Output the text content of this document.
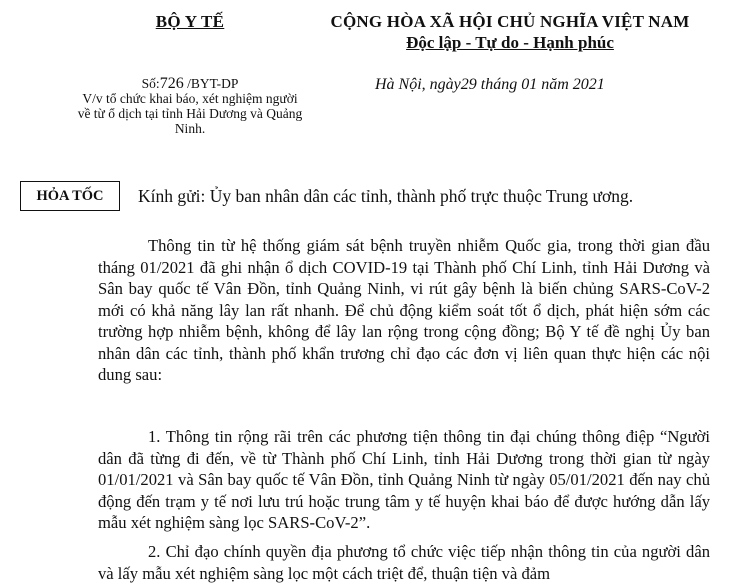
BỘ Y TẾ	CỘNG HÒA XÃ HỘI CHỦ NGHĨA VIỆT NAM
Độc lập - Tự do - Hạnh phúc
Số:726 /BYT-DP
V/v tổ chức khai báo, xét nghiệm người về từ ổ dịch tại tỉnh Hải Dương và Quảng Ninh.
Hà Nội, ngày29 tháng 01 năm 2021
HỎA TỐC	Kính gửi: Ủy ban nhân dân các tỉnh, thành phố trực thuộc Trung ương.
Thông tin từ hệ thống giám sát bệnh truyền nhiễm Quốc gia, trong thời gian đầu tháng 01/2021 đã ghi nhận ổ dịch COVID-19 tại Thành phố Chí Linh, tỉnh Hải Dương và Sân bay quốc tế Vân Đồn, tỉnh Quảng Ninh, vi rút gây bệnh là biến chủng SARS-CoV-2 mới có khả năng lây lan rất nhanh. Để chủ động kiểm soát tốt ổ dịch, phát hiện sớm các trường hợp nhiễm bệnh, không để lây lan rộng trong cộng đồng; Bộ Y tế đề nghị Ủy ban nhân dân các tỉnh, thành phố khẩn trương chỉ đạo các đơn vị liên quan thực hiện các nội dung sau:
1. Thông tin rộng rãi trên các phương tiện thông tin đại chúng thông điệp “Người dân đã từng đi đến, về từ Thành phố Chí Linh, tỉnh Hải Dương trong thời gian từ ngày 01/01/2021 và Sân bay quốc tế Vân Đồn, tỉnh Quảng Ninh từ ngày 05/01/2021 đến nay chủ động đến trạm y tế nơi lưu trú hoặc trung tâm y tế huyện khai báo để được hướng dẫn lấy mẫu xét nghiệm sàng lọc SARS-CoV-2”.
2. Chỉ đạo chính quyền địa phương tổ chức việc tiếp nhận thông tin của người dân và lấy mẫu xét nghiệm sàng lọc một cách triệt để, thuận tiện và đảm
